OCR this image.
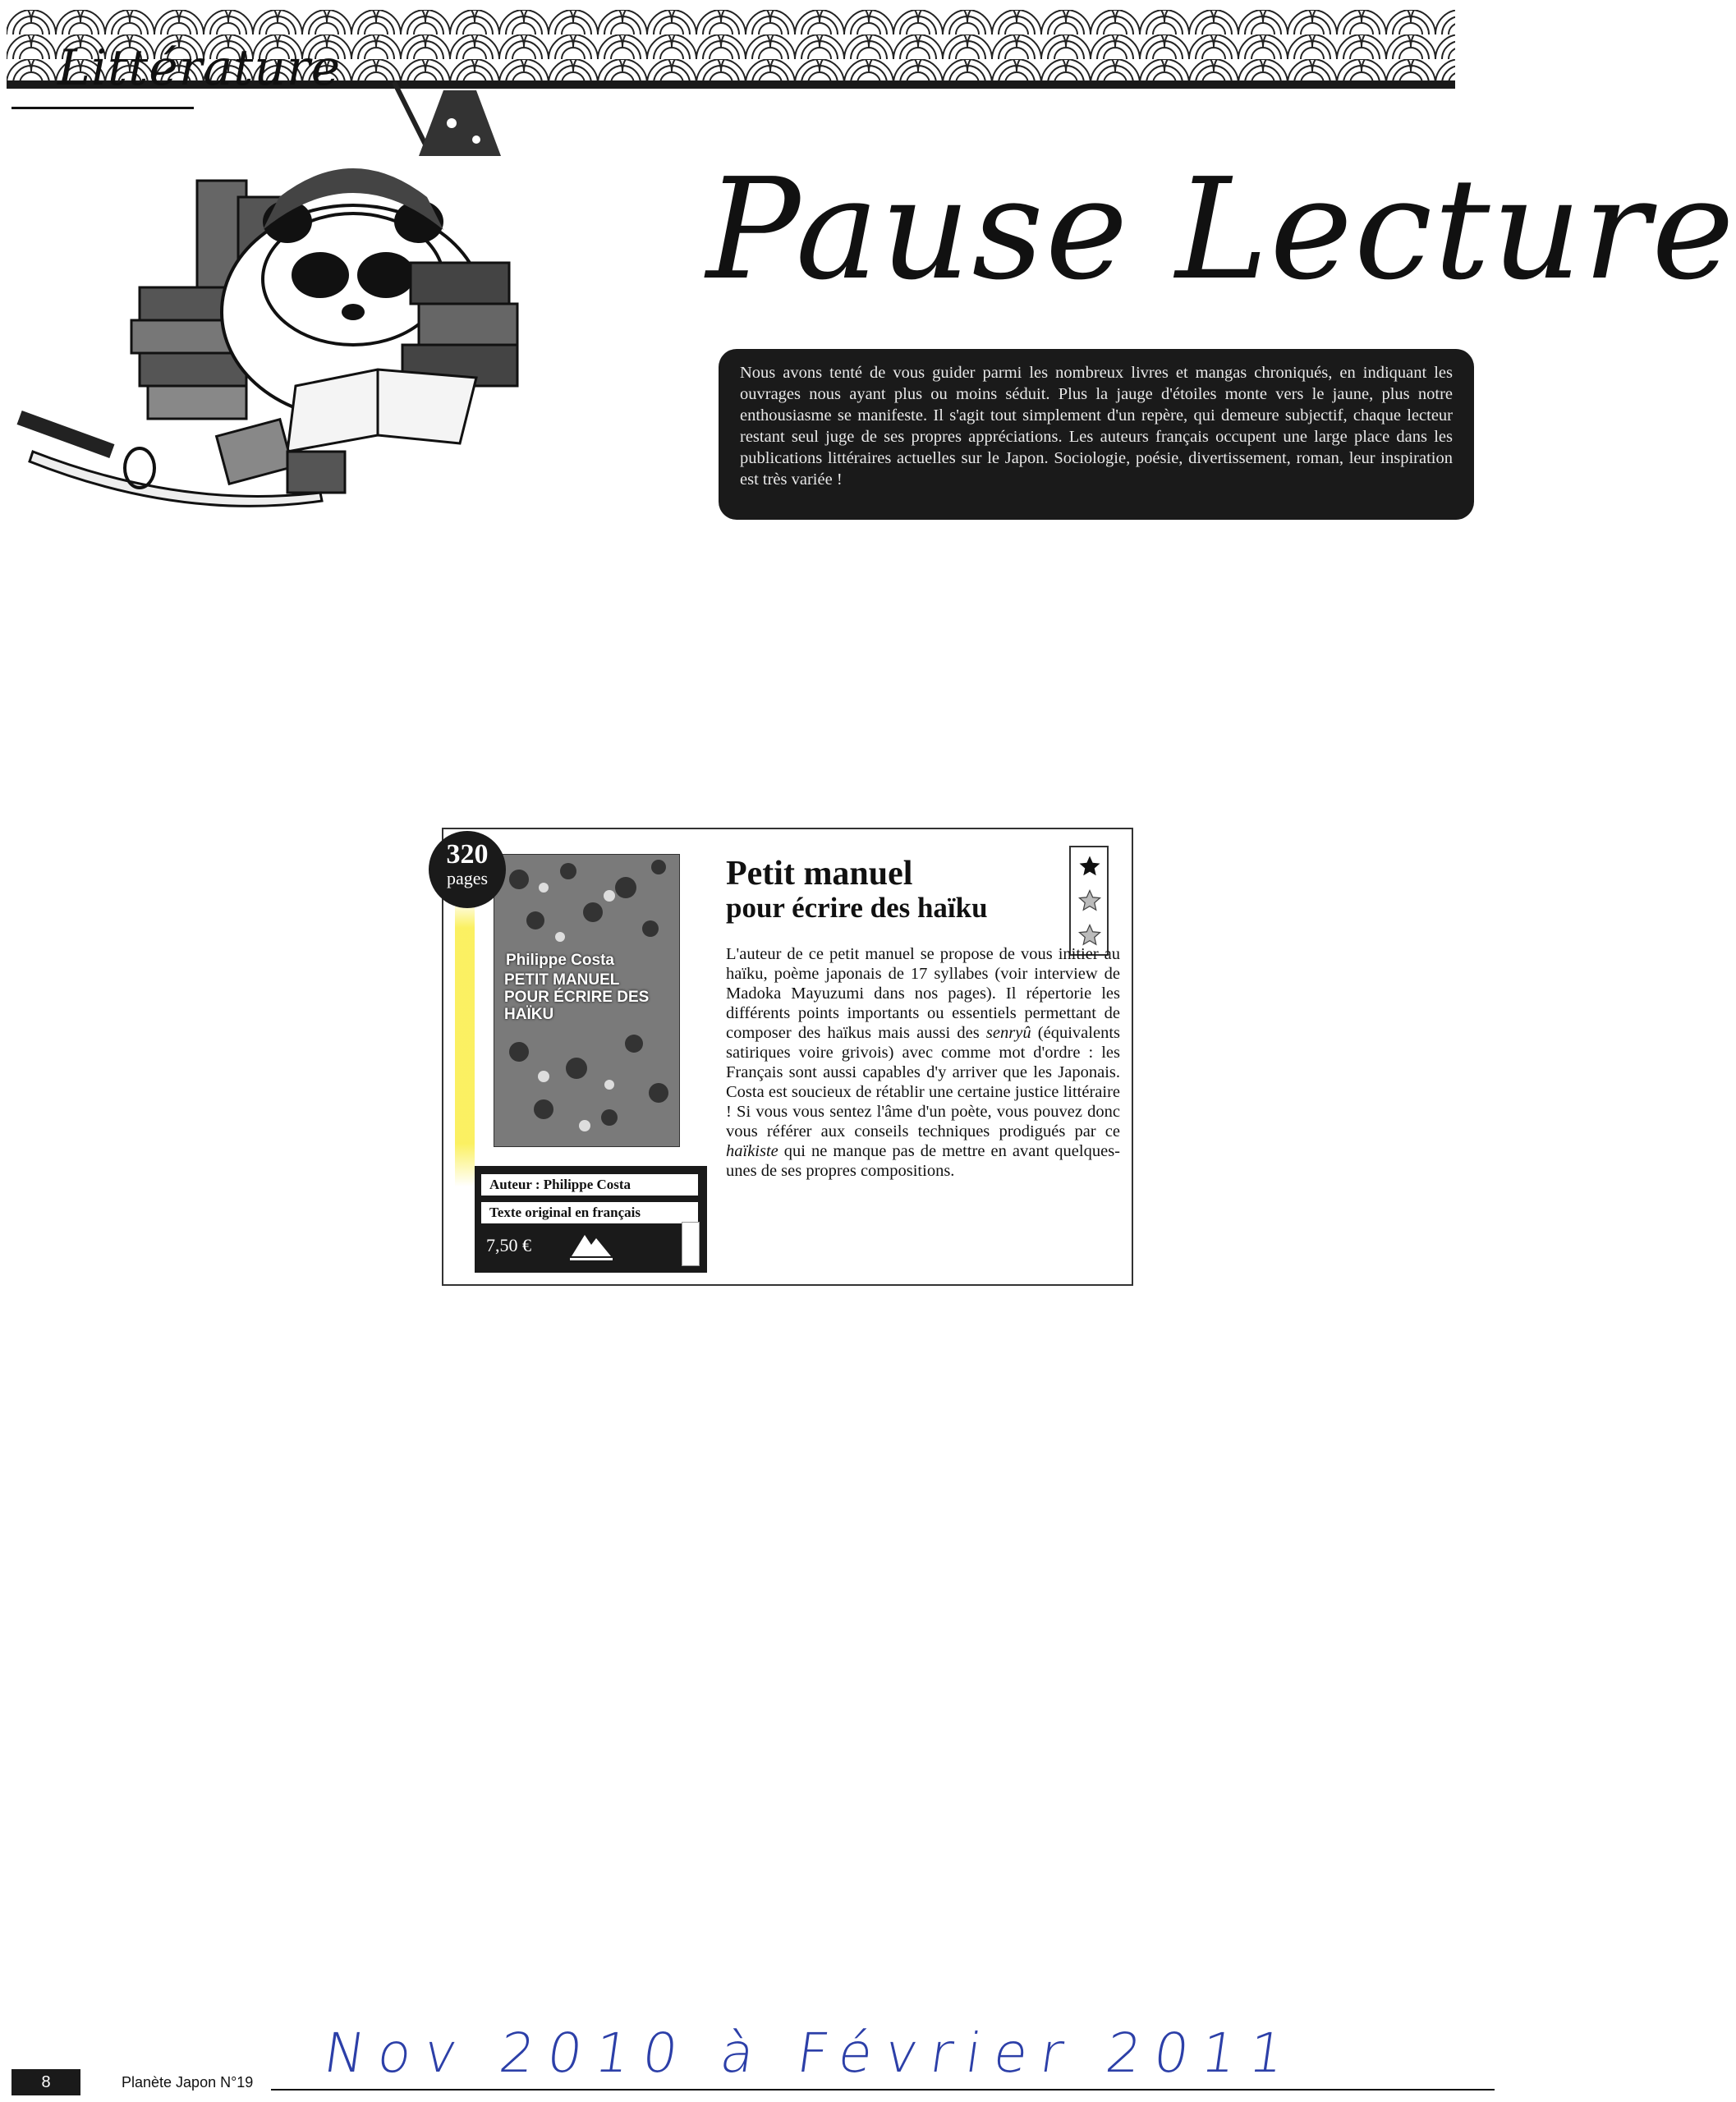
Littérature
Pause Lecture

Nous avons tenté de vous guider parmi les nombreux livres et mangas chroniqués, en indiquant les ouvrages nous ayant plus ou moins séduit. Plus la jauge d'étoiles monte vers le jaune, plus notre enthousiasme se manifeste. Il s'agit tout simplement d'un repère, qui demeure subjectif, chaque lecteur restant seul juge de ses propres appréciations. Les auteurs français occupent une large place dans les publications littéraires actuelles sur le Japon. Sociologie, poésie, divertissement, roman, leur inspiration est très variée !

Philippe Costa
PETIT MANUEL POUR ÉCRIRE DES HAÏKU
320
pages
Auteur : Philippe Costa
Texte original en français
7,50 €
Petit manuel
pour écrire des haïku

L'auteur de ce petit manuel se propose de vous initier au haïku, poème japonais de 17 syllabes (voir interview de Madoka Mayuzumi dans nos pages). Il répertorie les différents points importants ou essentiels permettant de composer des haïkus mais aussi des senryû (équivalents satiriques voire grivois) avec comme mot d'ordre : les Français sont aussi capables d'y arriver que les Japonais. Costa est soucieux de rétablir une certaine justice littéraire ! Si vous vous sentez l'âme d'un poète, vous pouvez donc vous référer aux conseils techniques prodigués par ce haïkiste qui ne manque pas de mettre en avant quelques-unes de ses propres compositions.

8	Planète Japon N°19 Nov 2010 à Février 2011
